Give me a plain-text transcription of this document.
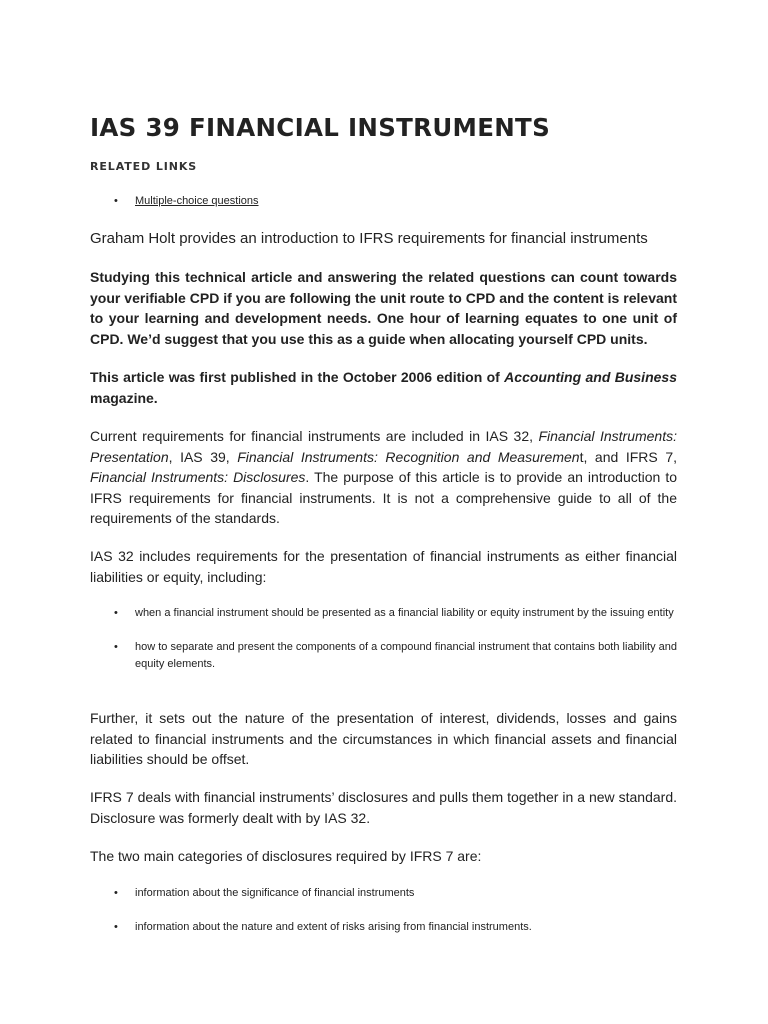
IAS 39 FINANCIAL INSTRUMENTS
RELATED LINKS
• Multiple-choice questions

Graham Holt provides an introduction to IFRS requirements for financial instruments

Studying this technical article and answering the related questions can count towards your verifiable CPD if you are following the unit route to CPD and the content is relevant to your learning and development needs. One hour of learning equates to one unit of CPD. We’d suggest that you use this as a guide when allocating yourself CPD units.

This article was first published in the October 2006 edition of Accounting and Business magazine.

Current requirements for financial instruments are included in IAS 32, Financial Instruments: Presentation, IAS 39, Financial Instruments: Recognition and Measurement, and IFRS 7, Financial Instruments: Disclosures. The purpose of this article is to provide an introduction to IFRS requirements for financial instruments. It is not a comprehensive guide to all of the requirements of the standards.

IAS 32 includes requirements for the presentation of financial instruments as either financial liabilities or equity, including:

• when a financial instrument should be presented as a financial liability or equity instrument by the issuing entity
• how to separate and present the components of a compound financial instrument that contains both liability and equity elements.

Further, it sets out the nature of the presentation of interest, dividends, losses and gains related to financial instruments and the circumstances in which financial assets and financial liabilities should be offset.

IFRS 7 deals with financial instruments’ disclosures and pulls them together in a new standard. Disclosure was formerly dealt with by IAS 32.

The two main categories of disclosures required by IFRS 7 are:

• information about the significance of financial instruments
• information about the nature and extent of risks arising from financial instruments.
